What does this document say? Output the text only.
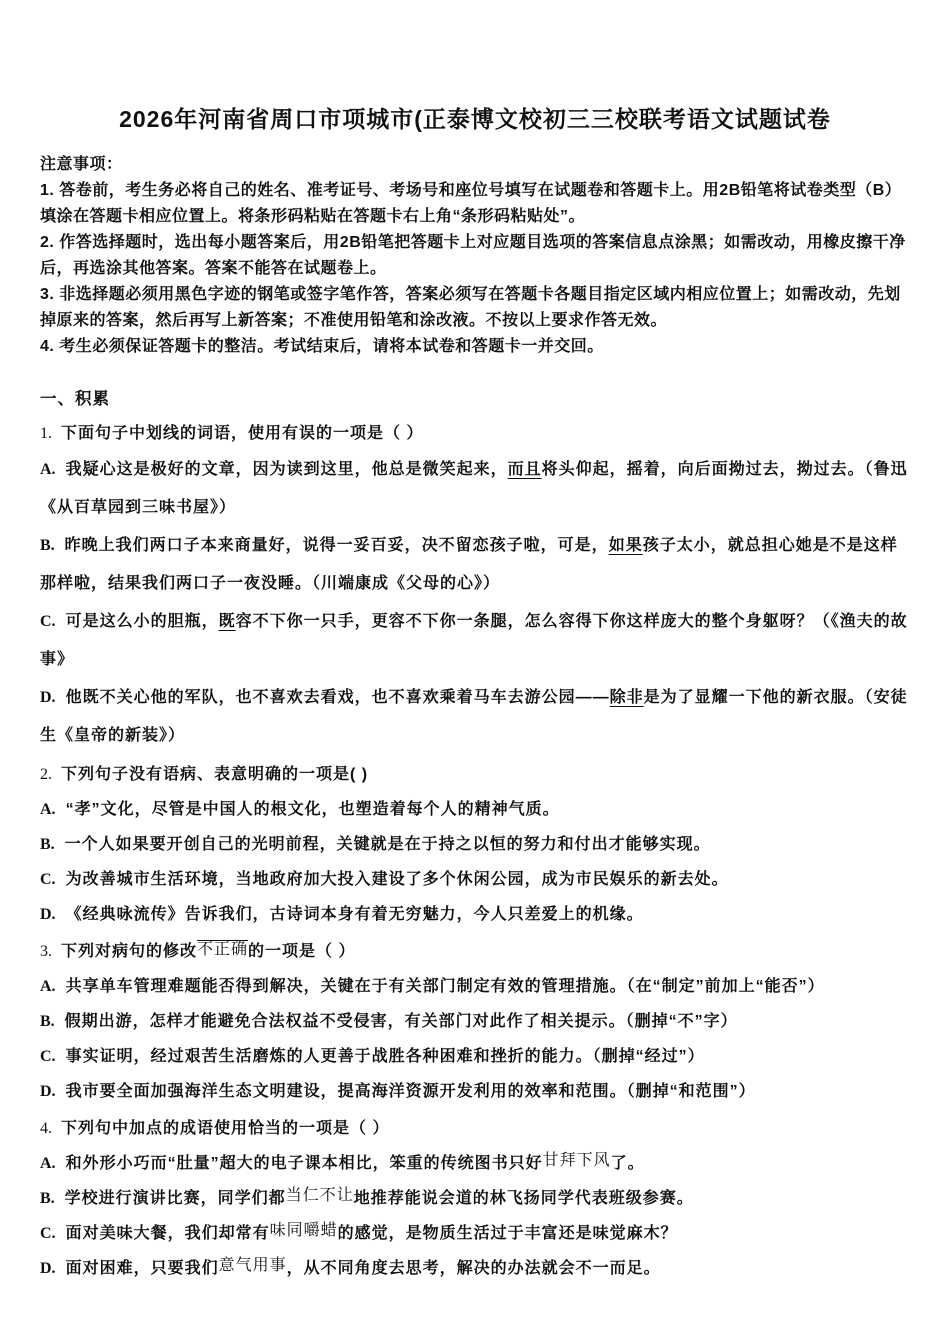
2026年河南省周口市项城市(正泰博文校初三三校联考语文试题试卷
注意事项：
1. 答卷前，考生务必将自己的姓名、准考证号、考场号和座位号填写在试题卷和答题卡上。用2B铅笔将试卷类型（B）填涂在答题卡相应位置上。将条形码粘贴在答题卡右上角“条形码粘贴处”。
2. 作答选择题时，选出每小题答案后，用2B铅笔把答题卡上对应题目选项的答案信息点涂黑；如需改动，用橡皮擦干净后，再选涂其他答案。答案不能答在试题卷上。
3. 非选择题必须用黑色字迹的钢笔或签字笔作答，答案必须写在答题卡各题目指定区域内相应位置上；如需改动，先划掉原来的答案，然后再写上新答案；不准使用铅笔和涂改液。不按以上要求作答无效。
4. 考生必须保证答题卡的整洁。考试结束后，请将本试卷和答题卡一并交回。
一、积累
1. 下面句子中划线的词语，使用有误的一项是（ ）
A. 我疑心这是极好的文章，因为读到这里，他总是微笑起来，而且将头仰起，摇着，向后面拗过去，拗过去。（鲁迅《从百草园到三味书屋》）
B. 昨晚上我们两口子本来商量好，说得一妥百妥，决不留恋孩子啦，可是，如果孩子太小，就总担心她是不是这样那样啦，结果我们两口子一夜没睡。（川端康成《父母的心》）
C. 可是这么小的胆瓶，既容不下你一只手，更容不下你一条腿，怎么容得下你这样庞大的整个身躯呀？（《渔夫的故事》
D. 他既不关心他的军队，也不喜欢去看戏，也不喜欢乘着马车去游公园——除非是为了显耀一下他的新衣服。（安徒生《皇帝的新装》）
2. 下列句子没有语病、表意明确的一项是( )
A. “孝”文化，尽管是中国人的根文化，也塑造着每个人的精神气质。
B. 一个人如果要开创自己的光明前程，关键就是在于持之以恒的努力和付出才能够实现。
C. 为改善城市生活环境，当地政府加大投入建设了多个休闲公园，成为市民娱乐的新去处。
D. 《经典咏流传》告诉我们，古诗词本身有着无穷魅力，今人只差爱上的机缘。
3. 下列对病句的修改不正确的一项是（ ）
A. 共享单车管理难题能否得到解决，关键在于有关部门制定有效的管理措施。（在“制定”前加上“能否”）
B. 假期出游，怎样才能避免合法权益不受侵害，有关部门对此作了相关提示。（删掉“不”字）
C. 事实证明，经过艰苦生活磨炼的人更善于战胜各种困难和挫折的能力。（删掉“经过”）
D. 我市要全面加强海洋生态文明建设，提高海洋资源开发利用的效率和范围。（删掉“和范围”）
4. 下列句中加点的成语使用恰当的一项是（ ）
A. 和外形小巧而“肚量”超大的电子课本相比，笨重的传统图书只好甘拜下风了。
B. 学校进行演讲比赛，同学们都当仁不让地推荐能说会道的林飞扬同学代表班级参赛。
C. 面对美味大餐，我们却常有味同嚼蜡的感觉，是物质生活过于丰富还是味觉麻木？
D. 面对困难，只要我们意气用事，从不同角度去思考，解决的办法就会不一而足。
